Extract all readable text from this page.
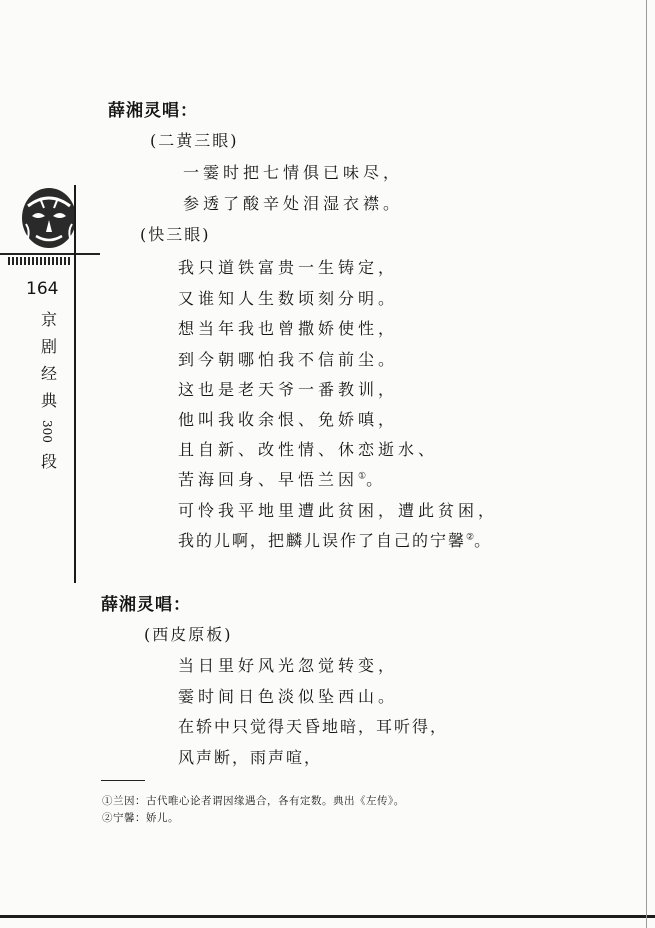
164
京
剧
经
典
300
段
薛湘灵唱：
(二黄三眼)
一霎时把七情俱已味尽，
参透了酸辛处泪湿衣襟。
(快三眼)
我只道铁富贵一生铸定，
又谁知人生数顷刻分明。
想当年我也曾撒娇使性，
到今朝哪怕我不信前尘。
这也是老天爷一番教训，
他叫我收余恨、免娇嗔，
且自新、改性情、休恋逝水、
苦海回身、早悟兰因①。
可怜我平地里遭此贫困，遭此贫困，
我的儿啊，把麟儿误作了自己的宁馨②。
薛湘灵唱：
(西皮原板)
当日里好风光忽觉转变，
霎时间日色淡似坠西山。
在轿中只觉得天昏地暗，耳听得，
风声断，雨声喧，
①兰因：古代唯心论者谓因缘遇合，各有定数。典出《左传》。
②宁馨：娇儿。
